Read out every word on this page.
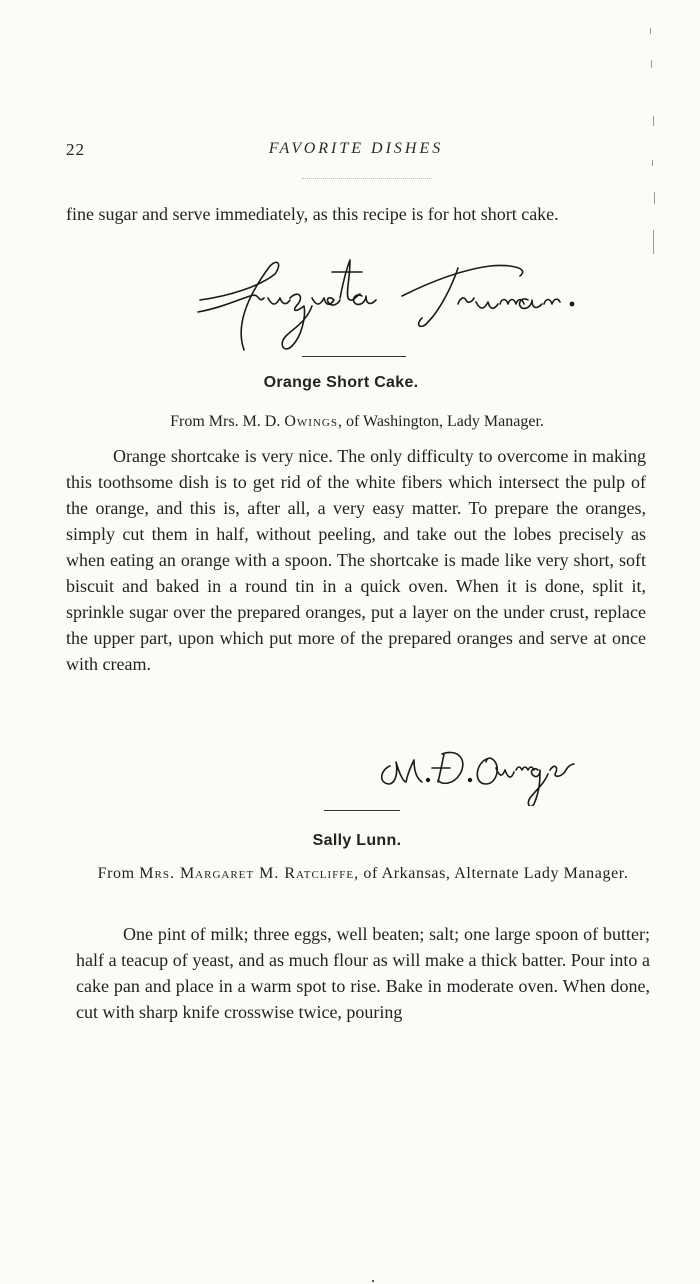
22	FAVORITE DISHES
fine sugar and serve immediately, as this recipe is for hot short cake.
Orange Short Cake.
From Mrs. M. D. Owings, of Washington, Lady Manager.
Orange shortcake is very nice. The only difficulty to overcome in making this toothsome dish is to get rid of the white fibers which intersect the pulp of the orange, and this is, after all, a very easy matter. To prepare the oranges, simply cut them in half, without peeling, and take out the lobes precisely as when eating an orange with a spoon. The shortcake is made like very short, soft biscuit and baked in a round tin in a quick oven. When it is done, split it, sprinkle sugar over the prepared oranges, put a layer on the under crust, replace the upper part, upon which put more of the prepared oranges and serve at once with cream.
Sally Lunn.
From Mrs. Margaret M. Ratcliffe, of Arkansas, Alternate Lady Manager.
One pint of milk; three eggs, well beaten; salt; one large spoon of butter; half a teacup of yeast, and as much flour as will make a thick batter. Pour into a cake pan and place in a warm spot to rise. Bake in moderate oven. When done, cut with sharp knife crosswise twice, pouring
